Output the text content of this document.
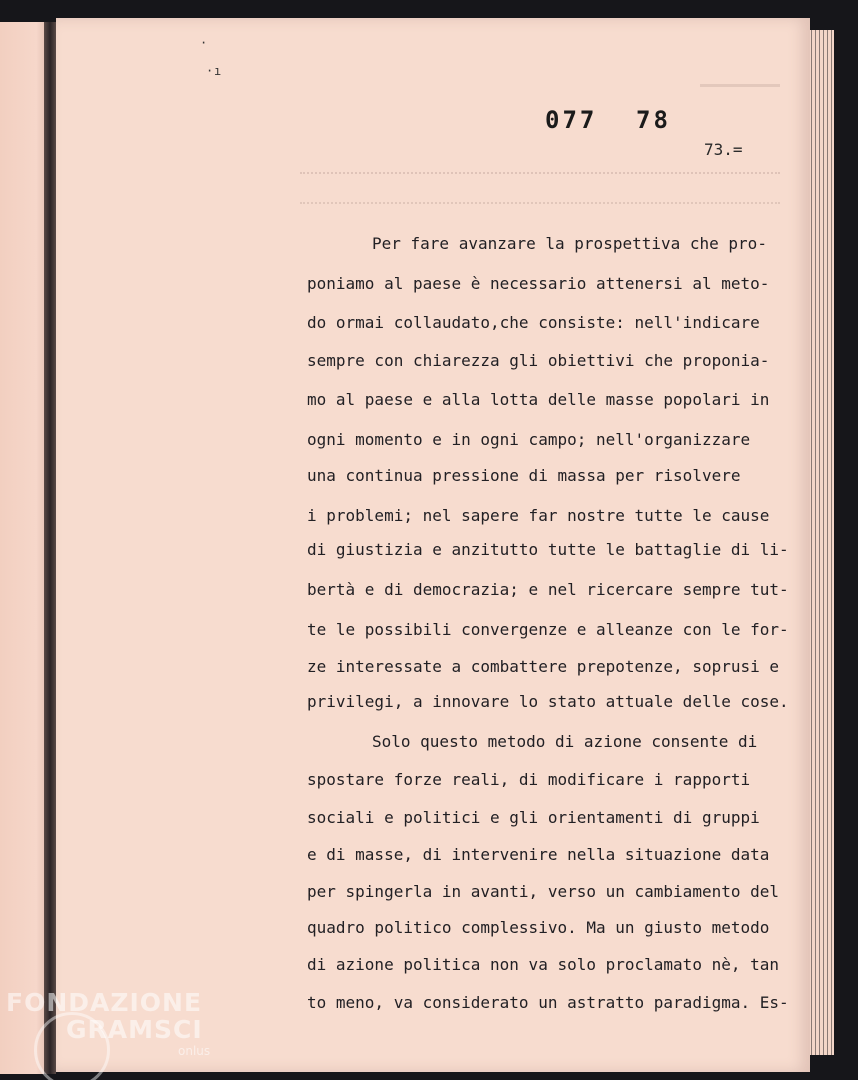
·
· ı
077 78
73.=
Per fare avanzare la prospettiva che pro-
poniamo al paese è necessario attenersi al meto-
do ormai collaudato,che consiste: nell'indicare
sempre con chiarezza gli obiettivi che proponia-
mo al paese e alla lotta delle masse popolari in
ogni momento e in ogni campo; nell'organizzare
una continua pressione di massa per risolvere
i problemi; nel sapere far nostre tutte le cause
di giustizia e anzitutto tutte le battaglie di li-
bertà e di democrazia; e nel ricercare sempre tut-
te le possibili convergenze e alleanze con le for-
ze interessate a combattere prepotenze, soprusi e
privilegi, a innovare lo stato attuale delle cose.
Solo questo metodo di azione consente di
spostare forze reali, di modificare i rapporti
sociali e politici e gli orientamenti di gruppi
e di masse, di intervenire nella situazione data
per spingerla in avanti, verso un cambiamento del
quadro politico complessivo. Ma un giusto metodo
di azione politica non va solo proclamato nè, tan
to meno, va considerato un astratto paradigma. Es-
FONDAZIONE
GRAMSCI
onlus
